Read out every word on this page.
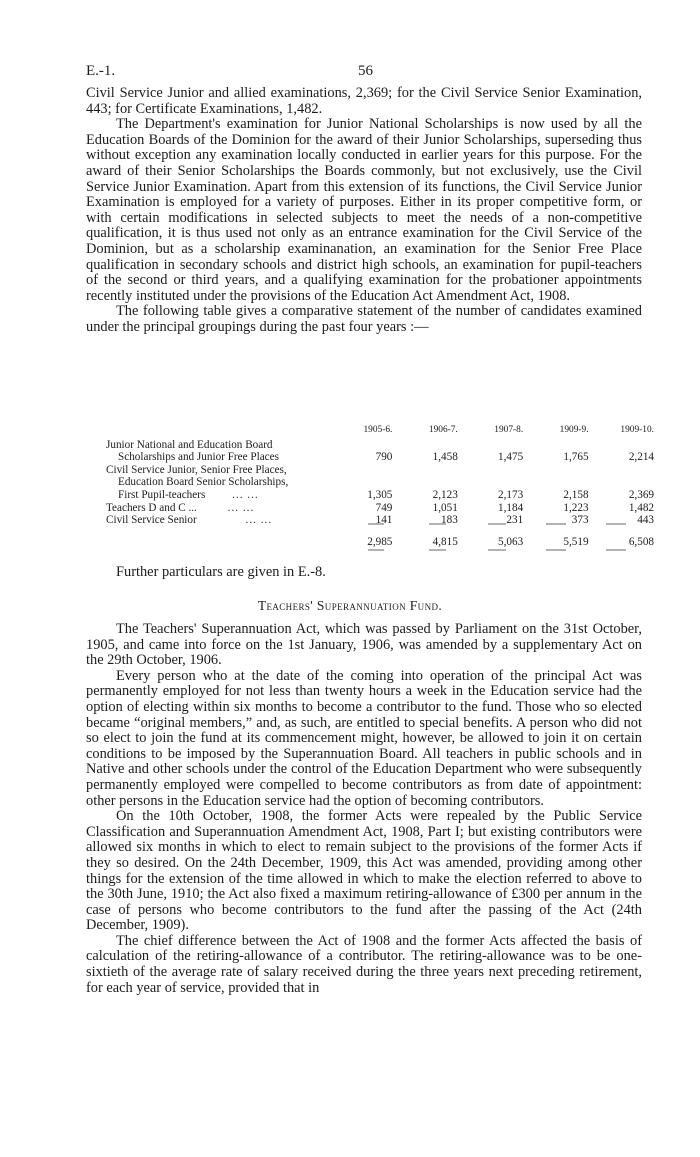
E.-1.	56

Civil Service Junior and allied examinations, 2,369; for the Civil Service Senior Examination, 443; for Certificate Examinations, 1,482.

The Department's examination for Junior National Scholarships is now used by all the Education Boards of the Dominion for the award of their Junior Scholarships, superseding thus without exception any examination locally conducted in earlier years for this purpose. For the award of their Senior Scholarships the Boards commonly, but not exclusively, use the Civil Service Junior Examination. Apart from this extension of its functions, the Civil Service Junior Examination is employed for a variety of purposes. Either in its proper competitive form, or with certain modifications in selected subjects to meet the needs of a non-competitive qualification, it is thus used not only as an entrance examination for the Civil Service of the Dominion, but as a scholarship examinanation, an examination for the Senior Free Place qualification in secondary schools and district high schools, an examination for pupil-teachers of the second or third years, and a qualifying examination for the probationer appointments recently instituted under the provisions of the Education Act Amendment Act, 1908.

The following table gives a comparative statement of the number of candidates examined under the principal groupings during the past four years :—

	1905-6.	1906-7.	1907-8.	1909-9.	1909-10.
Junior National and Education Board					
Scholarships and Junior Free Places	790	1,458	1,475	1,765	2,214
Civil Service Junior, Senior Free Places,					
Education Board Senior Scholarships,					
First Pupil-teachers ... ...	1,305	2,123	2,173	2,158	2,369
Teachers D and C ... ... ...	749	1,051	1,184	1,223	1,482
Civil Service Senior ... ...	141	183	231	373	443
	2,985	4,815	5,063	5,519	6,508
Further particulars are given in E.-8.
Teachers' Superannuation Fund.

The Teachers' Superannuation Act, which was passed by Parliament on the 31st October, 1905, and came into force on the 1st January, 1906, was amended by a supplementary Act on the 29th October, 1906.

Every person who at the date of the coming into operation of the principal Act was permanently employed for not less than twenty hours a week in the Education service had the option of electing within six months to become a contributor to the fund. Those who so elected became “original members,” and, as such, are entitled to special benefits. A person who did not so elect to join the fund at its commencement might, however, be allowed to join it on certain conditions to be imposed by the Superannuation Board. All teachers in public schools and in Native and other schools under the control of the Education Department who were subsequently permanently employed were compelled to become contributors as from date of appointment: other persons in the Education service had the option of becoming contributors.

On the 10th October, 1908, the former Acts were repealed by the Public Service Classification and Superannuation Amendment Act, 1908, Part I; but existing contributors were allowed six months in which to elect to remain subject to the provisions of the former Acts if they so desired. On the 24th December, 1909, this Act was amended, providing among other things for the extension of the time allowed in which to make the election referred to above to the 30th June, 1910; the Act also fixed a maximum retiring-allowance of £300 per annum in the case of persons who become contributors to the fund after the passing of the Act (24th December, 1909).

The chief difference between the Act of 1908 and the former Acts affected the basis of calculation of the retiring-allowance of a contributor. The retiring-allowance was to be one-sixtieth of the average rate of salary received during the three years next preceding retirement, for each year of service, provided that in
